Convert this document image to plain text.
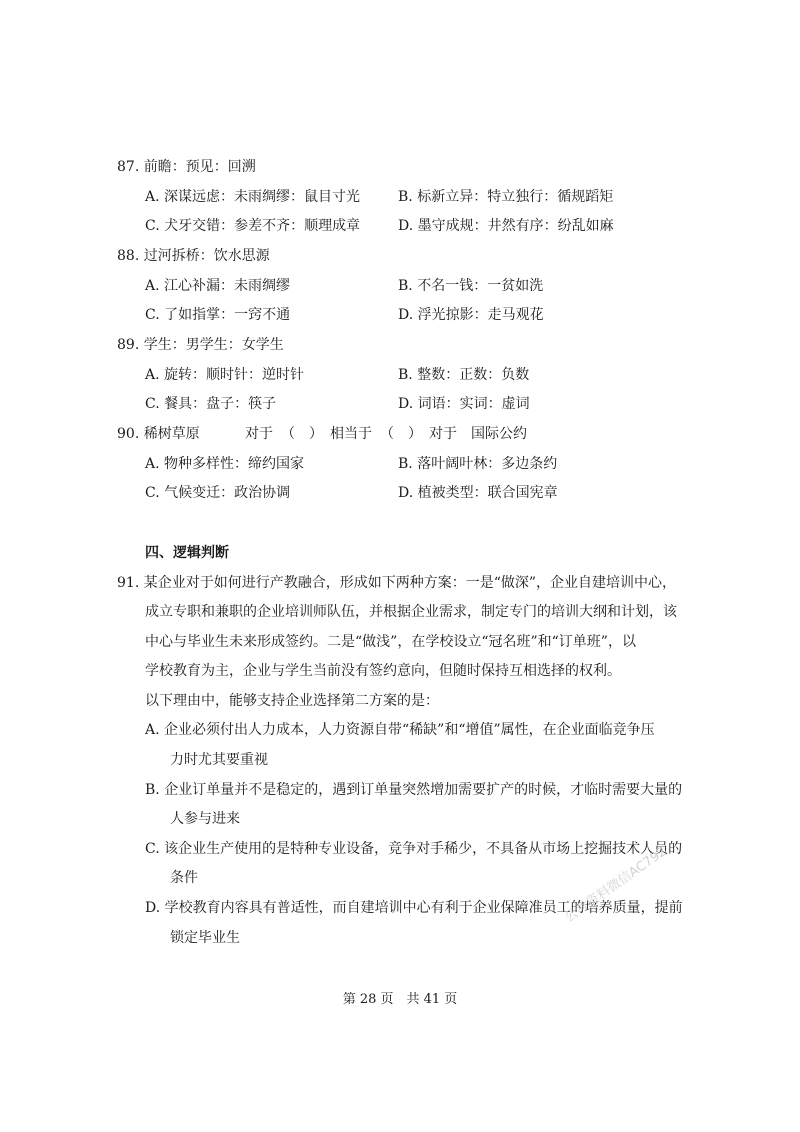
87. 前瞻：预见：回溯
A. 深谋远虑：未雨绸缪：鼠目寸光	B. 标新立异：特立独行：循规蹈矩
C. 犬牙交错：参差不齐：顺理成章	D. 墨守成规：井然有序：纷乱如麻
88. 过河拆桥：饮水思源
A. 江心补漏：未雨绸缪	B. 不名一钱：一贫如洗
C. 了如指掌：一窍不通	D. 浮光掠影：走马观花
89. 学生：男学生：女学生
A. 旋转：顺时针：逆时针	B. 整数：正数：负数
C. 餐具：盘子：筷子	D. 词语：实词：虚词
90. 稀树草原	对于 （　） 相当于 （　） 对于 国际公约
A. 物种多样性：缔约国家	B. 落叶阔叶林：多边条约
C. 气候变迁：政治协调	D. 植被类型：联合国宪章
四、逻辑判断
91. 某企业对于如何进行产教融合，形成如下两种方案：一是“做深”，企业自建培训中心，
成立专职和兼职的企业培训师队伍，并根据企业需求，制定专门的培训大纲和计划，该
中心与毕业生未来形成签约。二是“做浅”，在学校设立“冠名班”和“订单班”，以
学校教育为主，企业与学生当前没有签约意向，但随时保持互相选择的权利。
以下理由中，能够支持企业选择第二方案的是：
A. 企业必须付出人力成本，人力资源自带“稀缺”和“增值”属性，在企业面临竞争压
力时尤其要重视
B. 企业订单量并不是稳定的，遇到订单量突然增加需要扩产的时候，才临时需要大量的
人参与进来
C. 该企业生产使用的是特种专业设备，竞争对手稀少，不具备从市场上挖掘技术人员的
条件
D. 学校教育内容具有普适性，而自建培训中心有利于企业保障准员工的培养质量，提前
锁定毕业生
公考资料微信AC792
第 28 页　共 41 页
